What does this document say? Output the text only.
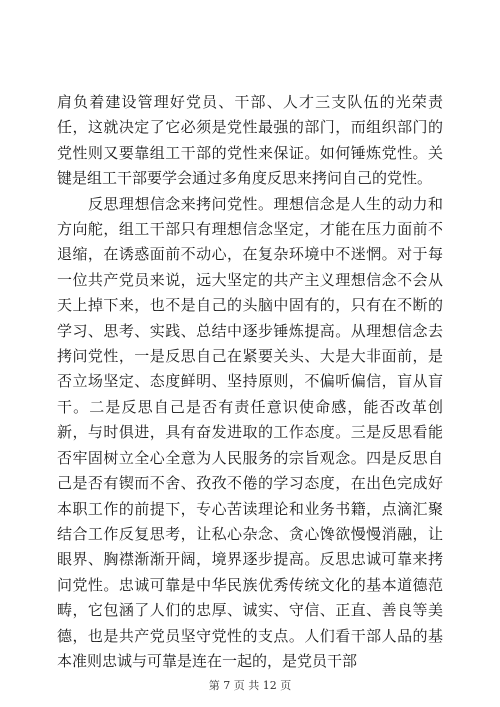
肩负着建设管理好党员、干部、人才三支队伍的光荣责任，这就决定了它必须是党性最强的部门，而组织部门的党性则又要靠组工干部的党性来保证。如何锤炼党性。关键是组工干部要学会通过多角度反思来拷问自己的党性。

反思理想信念来拷问党性。理想信念是人生的动力和方向舵，组工干部只有理想信念坚定，才能在压力面前不退缩，在诱惑面前不动心，在复杂环境中不迷惘。对于每一位共产党员来说，远大坚定的共产主义理想信念不会从天上掉下来，也不是自己的头脑中固有的，只有在不断的学习、思考、实践、总结中逐步锤炼提高。从理想信念去拷问党性，一是反思自己在紧要关头、大是大非面前，是否立场坚定、态度鲜明、坚持原则，不偏听偏信，盲从盲干。二是反思自己是否有责任意识使命感，能否改革创新，与时俱进，具有奋发进取的工作态度。三是反思看能否牢固树立全心全意为人民服务的宗旨观念。四是反思自己是否有锲而不舍、孜孜不倦的学习态度，在出色完成好本职工作的前提下，专心苦读理论和业务书籍，点滴汇聚结合工作反复思考，让私心杂念、贪心馋欲慢慢消融，让眼界、胸襟渐渐开阔，境界逐步提高。反思忠诚可靠来拷问党性。忠诚可靠是中华民族优秀传统文化的基本道德范畴，它包涵了人们的忠厚、诚实、守信、正直、善良等美德，也是共产党员坚守党性的支点。人们看干部人品的基本准则忠诚与可靠是连在一起的，是党员干部

第 7 页 共 12 页
